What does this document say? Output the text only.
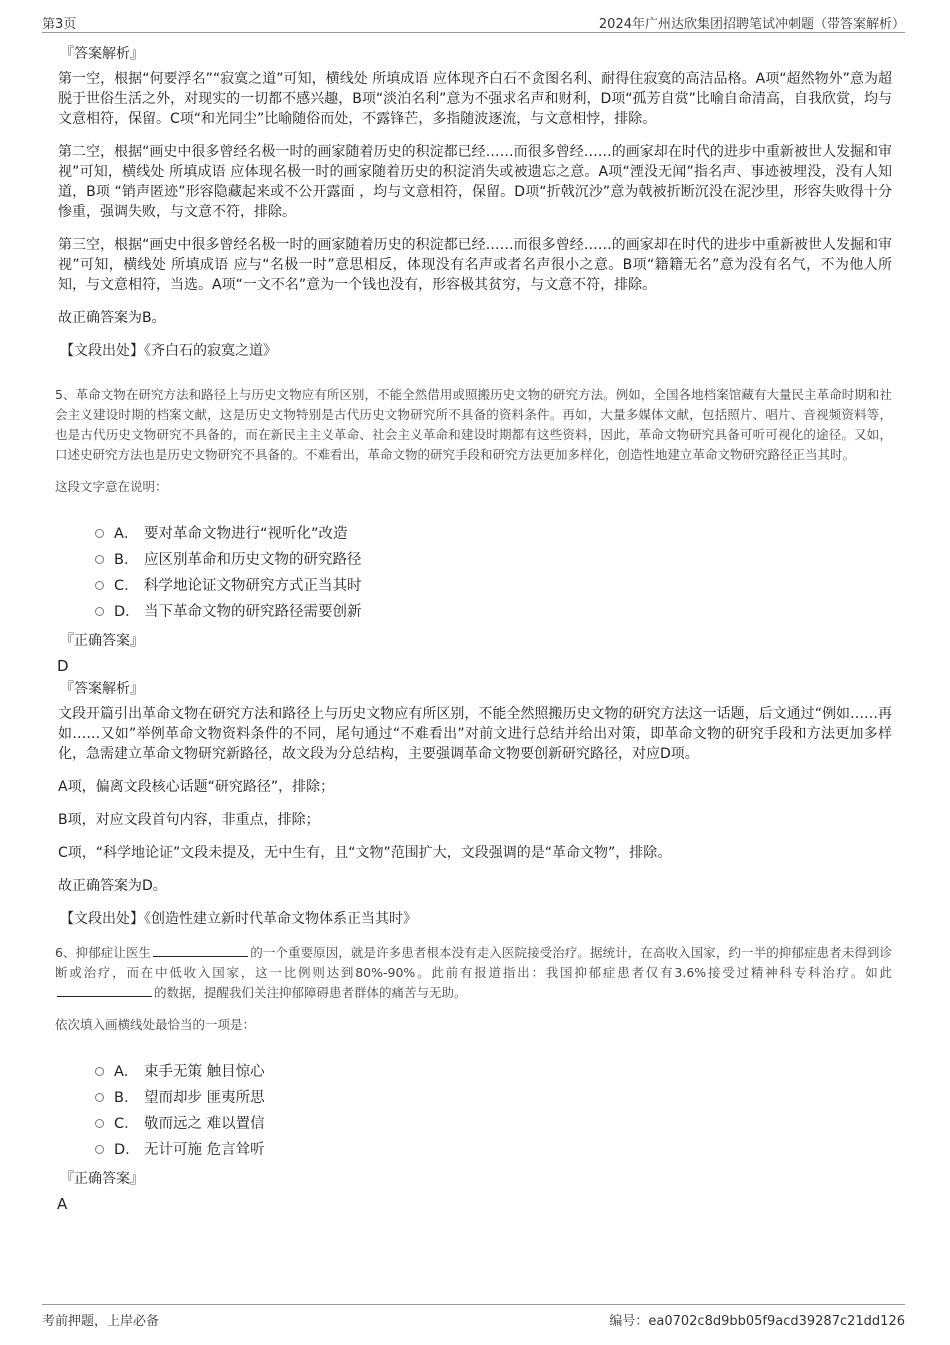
第3页	2024年广州达欣集团招聘笔试冲刺题（带答案解析）
『答案解析』

第一空，根据“何要浮名”“寂寞之道”可知，横线处 所填成语 应体现齐白石不贪图名利、耐得住寂寞的高洁品格。A项“超然物外”意为超脱于世俗生活之外，对现实的一切都不感兴趣，B项“淡泊名利”意为不强求名声和财利，D项“孤芳自赏”比喻自命清高，自我欣赏，均与文意相符，保留。C项“和光同尘”比喻随俗而处，不露锋芒，多指随波逐流，与文意相悖，排除。

第二空，根据“画史中很多曾经名极一时的画家随着历史的积淀都已经……而很多曾经……的画家却在时代的进步中重新被世人发掘和审视”可知，横线处 所填成语 应体现名极一时的画家随着历史的积淀消失或被遗忘之意。A项“湮没无闻”指名声、事迹被埋没，没有人知道，B项 “销声匿迹”形容隐藏起来或不公开露面 ，均与文意相符，保留。D项“折戟沉沙”意为戟被折断沉没在泥沙里，形容失败得十分惨重，强调失败，与文意不符，排除。

第三空，根据“画史中很多曾经名极一时的画家随着历史的积淀都已经……而很多曾经……的画家却在时代的进步中重新被世人发掘和审视”可知，横线处 所填成语 应与“名极一时”意思相反，体现没有名声或者名声很小之意。B项“籍籍无名”意为没有名气，不为他人所知，与文意相符，当选。A项“一文不名”意为一个钱也没有，形容极其贫穷，与文意不符，排除。

故正确答案为B。

【文段出处】《齐白石的寂寞之道》

5、革命文物在研究方法和路径上与历史文物应有所区别，不能全然借用或照搬历史文物的研究方法。例如，全国各地档案馆藏有大量民主革命时期和社会主义建设时期的档案文献，这是历史文物特别是古代历史文物研究所不具备的资料条件。再如，大量多媒体文献，包括照片、唱片、音视频资料等，也是古代历史文物研究不具备的，而在新民主主义革命、社会主义革命和建设时期都有这些资料，因此，革命文物研究具备可听可视化的途径。又如，口述史研究方法也是历史文物研究不具备的。不难看出，革命文物的研究手段和研究方法更加多样化，创造性地建立革命文物研究路径正当其时。

这段文字意在说明：
A． 要对革命文物进行“视听化”改造
B． 应区别革命和历史文物的研究路径
C． 科学地论证文物研究方式正当其时
D． 当下革命文物的研究路径需要创新
『正确答案』
D
『答案解析』

文段开篇引出革命文物在研究方法和路径上与历史文物应有所区别，不能全然照搬历史文物的研究方法这一话题，后文通过“例如……再如……又如”举例革命文物资料条件的不同，尾句通过“不难看出”对前文进行总结并给出对策，即革命文物的研究手段和方法更加多样化，急需建立革命文物研究新路径，故文段为分总结构，主要强调革命文物要创新研究路径，对应D项。

A项，偏离文段核心话题“研究路径”，排除；

B项，对应文段首句内容，非重点，排除；

C项，“科学地论证”文段未提及，无中生有，且“文物”范围扩大，文段强调的是“革命文物”，排除。

故正确答案为D。

【文段出处】《创造性建立新时代革命文物体系正当其时》

6、抑郁症让医生	的一个重要原因，就是许多患者根本没有走入医院接受治疗。据统计，在高收入国家，约一半的抑郁症患者未得到诊断或治疗，而在中低收入国家，这一比例则达到80%-90%。此前有报道指出：我国抑郁症患者仅有3.6%接受过精神科专科治疗。如此的数据，提醒我们关注抑郁障碍患者群体的痛苦与无助。

依次填入画横线处最恰当的一项是：
A． 束手无策 触目惊心
B． 望而却步 匪夷所思
C． 敬而远之 难以置信
D． 无计可施 危言耸听
『正确答案』
A
考前押题，上岸必备	编号：ea0702c8d9bb05f9acd39287c21dd126
